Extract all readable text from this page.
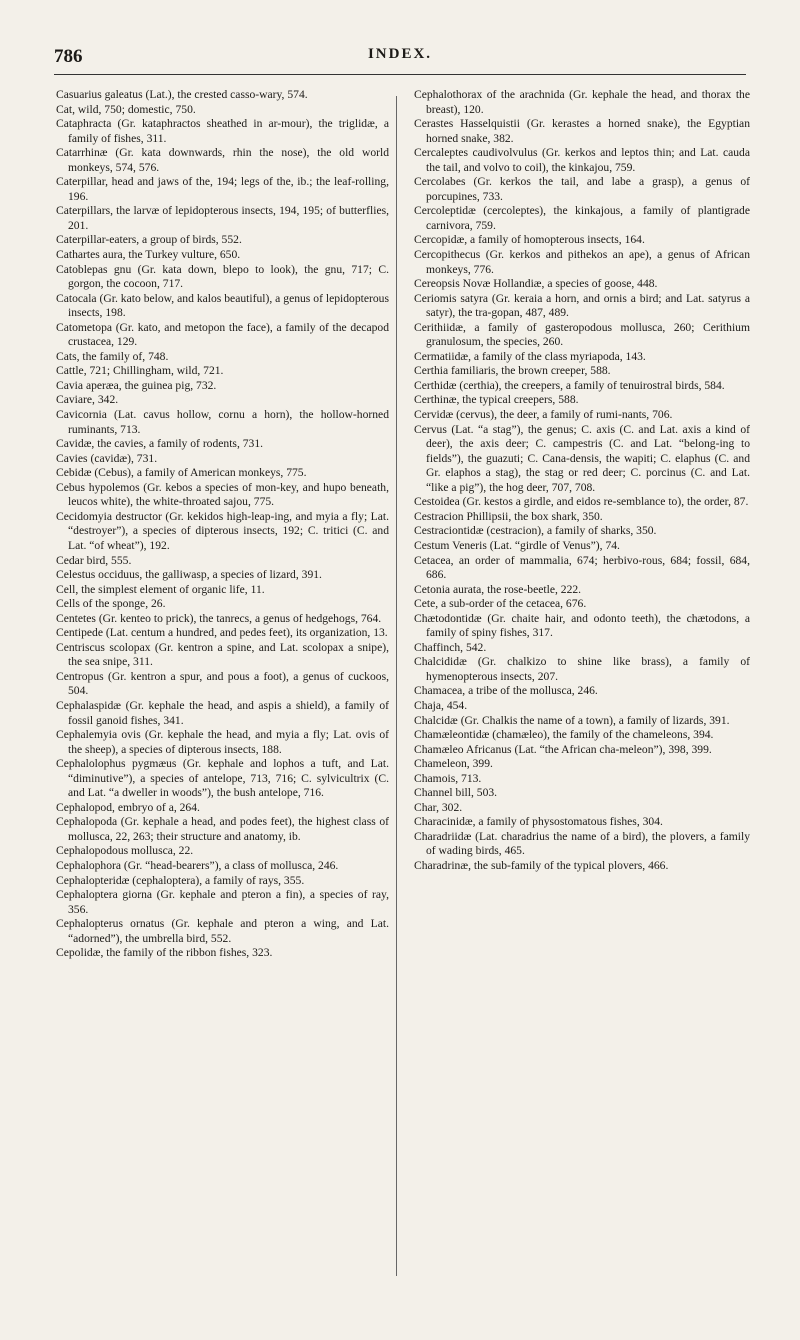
786	INDEX.

Casuarius galeatus (Lat.), the crested casso-wary, 574.

Cat, wild, 750; domestic, 750.

Cataphracta (Gr. kataphractos sheathed in ar-mour), the triglidæ, a family of fishes, 311.

Catarrhinæ (Gr. kata downwards, rhin the nose), the old world monkeys, 574, 576.

Caterpillar, head and jaws of the, 194; legs of the, ib.; the leaf-rolling, 196.

Caterpillars, the larvæ of lepidopterous insects, 194, 195; of butterflies, 201.

Caterpillar-eaters, a group of birds, 552.

Cathartes aura, the Turkey vulture, 650.

Catoblepas gnu (Gr. kata down, blepo to look), the gnu, 717; C. gorgon, the cocoon, 717.

Catocala (Gr. kato below, and kalos beautiful), a genus of lepidopterous insects, 198.

Catometopa (Gr. kato, and metopon the face), a family of the decapod crustacea, 129.

Cats, the family of, 748.

Cattle, 721; Chillingham, wild, 721.

Cavia aperæa, the guinea pig, 732.

Caviare, 342.

Cavicornia (Lat. cavus hollow, cornu a horn), the hollow-horned ruminants, 713.

Cavidæ, the cavies, a family of rodents, 731.

Cavies (cavidæ), 731.

Cebidæ (Cebus), a family of American monkeys, 775.

Cebus hypolemos (Gr. kebos a species of mon-key, and hupo beneath, leucos white), the white-throated sajou, 775.

Cecidomyia destructor (Gr. kekidos high-leap-ing, and myia a fly; Lat. “destroyer”), a species of dipterous insects, 192; C. tritici (C. and Lat. “of wheat”), 192.

Cedar bird, 555.

Celestus occiduus, the galliwasp, a species of lizard, 391.

Cell, the simplest element of organic life, 11.

Cells of the sponge, 26.

Centetes (Gr. kenteo to prick), the tanrecs, a genus of hedgehogs, 764.

Centipede (Lat. centum a hundred, and pedes feet), its organization, 13.

Centriscus scolopax (Gr. kentron a spine, and Lat. scolopax a snipe), the sea snipe, 311.

Centropus (Gr. kentron a spur, and pous a foot), a genus of cuckoos, 504.

Cephalaspidæ (Gr. kephale the head, and aspis a shield), a family of fossil ganoid fishes, 341.

Cephalemyia ovis (Gr. kephale the head, and myia a fly; Lat. ovis of the sheep), a species of dipterous insects, 188.

Cephalolophus pygmæus (Gr. kephale and lophos a tuft, and Lat. “diminutive”), a species of antelope, 713, 716; C. sylvicultrix (C. and Lat. “a dweller in woods”), the bush antelope, 716.

Cephalopod, embryo of a, 264.

Cephalopoda (Gr. kephale a head, and podes feet), the highest class of mollusca, 22, 263; their structure and anatomy, ib.

Cephalopodous mollusca, 22.

Cephalophora (Gr. “head-bearers”), a class of mollusca, 246.

Cephalopteridæ (cephaloptera), a family of rays, 355.

Cephaloptera giorna (Gr. kephale and pteron a fin), a species of ray, 356.

Cephalopterus ornatus (Gr. kephale and pteron a wing, and Lat. “adorned”), the umbrella bird, 552.

Cepolidæ, the family of the ribbon fishes, 323.

Cephalothorax of the arachnida (Gr. kephale the head, and thorax the breast), 120.

Cerastes Hasselquistii (Gr. kerastes a horned snake), the Egyptian horned snake, 382.

Cercaleptes caudivolvulus (Gr. kerkos and leptos thin; and Lat. cauda the tail, and volvo to coil), the kinkajou, 759.

Cercolabes (Gr. kerkos the tail, and labe a grasp), a genus of porcupines, 733.

Cercoleptidæ (cercoleptes), the kinkajous, a family of plantigrade carnivora, 759.

Cercopidæ, a family of homopterous insects, 164.

Cercopithecus (Gr. kerkos and pithekos an ape), a genus of African monkeys, 776.

Cereopsis Novæ Hollandiæ, a species of goose, 448.

Ceriomis satyra (Gr. keraia a horn, and ornis a bird; and Lat. satyrus a satyr), the tra-gopan, 487, 489.

Cerithiidæ, a family of gasteropodous mollusca, 260; Cerithium granulosum, the species, 260.

Cermatiidæ, a family of the class myriapoda, 143.

Certhia familiaris, the brown creeper, 588.

Certhidæ (certhia), the creepers, a family of tenuirostral birds, 584.

Certhinæ, the typical creepers, 588.

Cervidæ (cervus), the deer, a family of rumi-nants, 706.

Cervus (Lat. “a stag”), the genus; C. axis (C. and Lat. axis a kind of deer), the axis deer; C. campestris (C. and Lat. “belong-ing to fields”), the guazuti; C. Cana-densis, the wapiti; C. elaphus (C. and Gr. elaphos a stag), the stag or red deer; C. porcinus (C. and Lat. “like a pig”), the hog deer, 707, 708.

Cestoidea (Gr. kestos a girdle, and eidos re-semblance to), the order, 87.

Cestracion Phillipsii, the box shark, 350.

Cestraciontidæ (cestracion), a family of sharks, 350.

Cestum Veneris (Lat. “girdle of Venus”), 74.

Cetacea, an order of mammalia, 674; herbivo-rous, 684; fossil, 684, 686.

Cetonia aurata, the rose-beetle, 222.

Cete, a sub-order of the cetacea, 676.

Chætodontidæ (Gr. chaite hair, and odonto teeth), the chætodons, a family of spiny fishes, 317.

Chaffinch, 542.

Chalcididæ (Gr. chalkizo to shine like brass), a family of hymenopterous insects, 207.

Chamacea, a tribe of the mollusca, 246.

Chaja, 454.

Chalcidæ (Gr. Chalkis the name of a town), a family of lizards, 391.

Chamæleontidæ (chamæleo), the family of the chameleons, 394.

Chamæleo Africanus (Lat. “the African cha-meleon”), 398, 399.

Chameleon, 399.

Chamois, 713.

Channel bill, 503.

Char, 302.

Characinidæ, a family of physostomatous fishes, 304.

Charadriidæ (Lat. charadrius the name of a bird), the plovers, a family of wading birds, 465.

Charadrinæ, the sub-family of the typical plovers, 466.
